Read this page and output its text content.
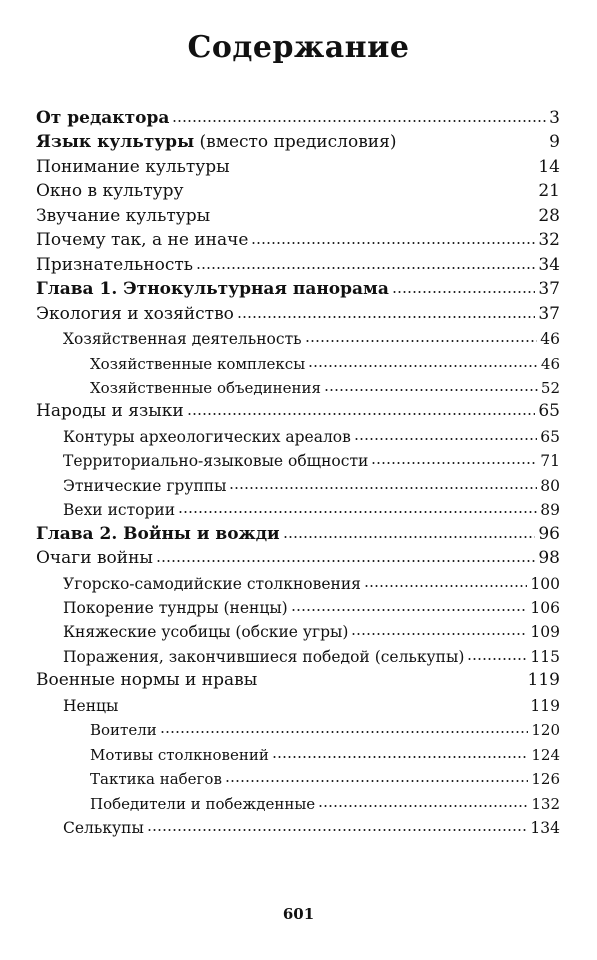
Содержание
От редактора	3
Язык культуры (вместо предисловия)	9
Понимание культуры	14
Окно в культуру	21
Звучание культуры	28
Почему так, а не иначе	32
Признательность	34
Глава 1. Этнокультурная панорама	37
Экология и хозяйство	37
Хозяйственная деятельность	46
Хозяйственные комплексы	46
Хозяйственные объединения	52
Народы и языки	65
Контуры археологических ареалов	65
Территориально-языковые общности	71
Этнические группы	80
Вехи истории	89
Глава 2. Войны и вожди	96
Очаги войны	98
Угорско-самодийские столкновения	100
Покорение тундры (ненцы)	106
Княжеские усобицы (обские угры)	109
Поражения, закончившиеся победой (селькупы)	115
Военные нормы и нравы	119
Ненцы	119
Воители	120
Мотивы столкновений	124
Тактика набегов	126
Победители и побежденные	132
Селькупы	134
601
